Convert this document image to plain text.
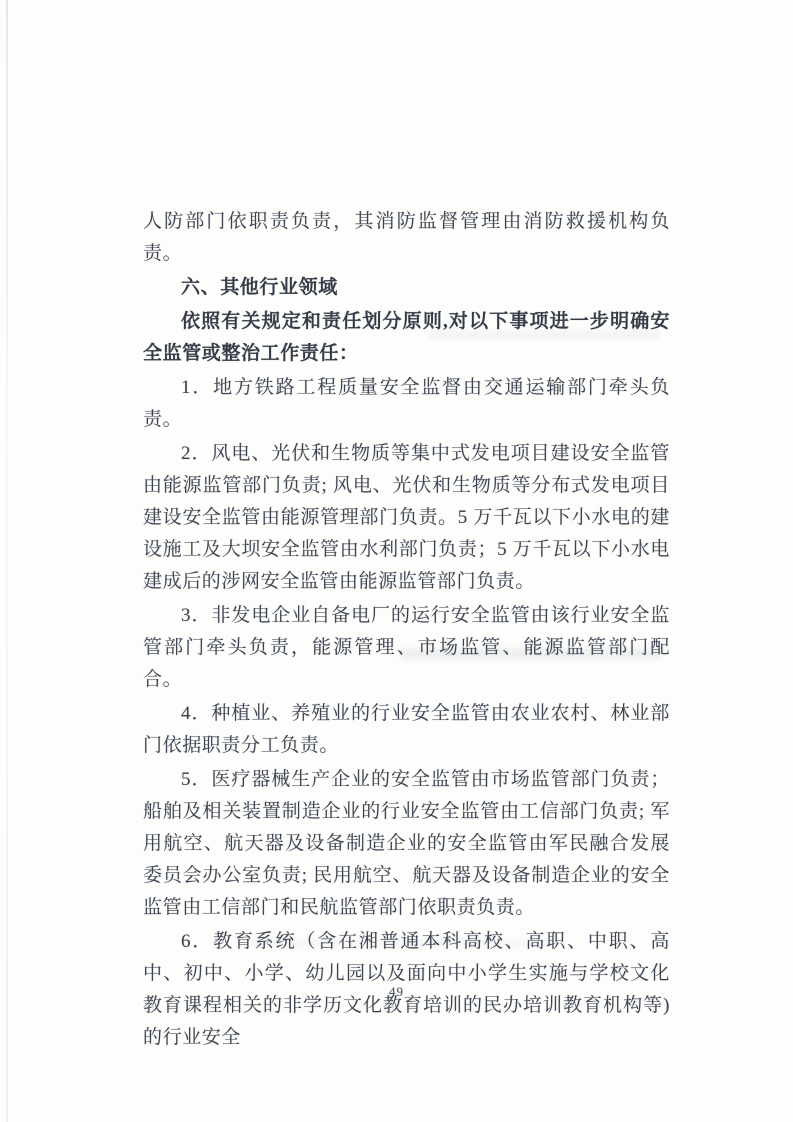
人防部门依职责负责，其消防监督管理由消防救援机构负责。

六、其他行业领域

依照有关规定和责任划分原则,对以下事项进一步明确安全监管或整治工作责任：

1．地方铁路工程质量安全监督由交通运输部门牵头负责。

2．风电、光伏和生物质等集中式发电项目建设安全监管由能源监管部门负责; 风电、光伏和生物质等分布式发电项目建设安全监管由能源管理部门负责。5 万千瓦以下小水电的建设施工及大坝安全监管由水利部门负责；5 万千瓦以下小水电建成后的涉网安全监管由能源监管部门负责。

3．非发电企业自备电厂的运行安全监管由该行业安全监管部门牵头负责，能源管理、市场监管、能源监管部门配合。

4．种植业、养殖业的行业安全监管由农业农村、林业部门依据职责分工负责。

5．医疗器械生产企业的安全监管由市场监管部门负责；船舶及相关装置制造企业的行业安全监管由工信部门负责; 军用航空、航天器及设备制造企业的安全监管由军民融合发展委员会办公室负责; 民用航空、航天器及设备制造企业的安全监管由工信部门和民航监管部门依职责负责。

6．教育系统（含在湘普通本科高校、高职、中职、高中、初中、小学、幼儿园以及面向中小学生实施与学校文化教育课程相关的非学历文化教育培训的民办培训教育机构等)的行业安全

49
